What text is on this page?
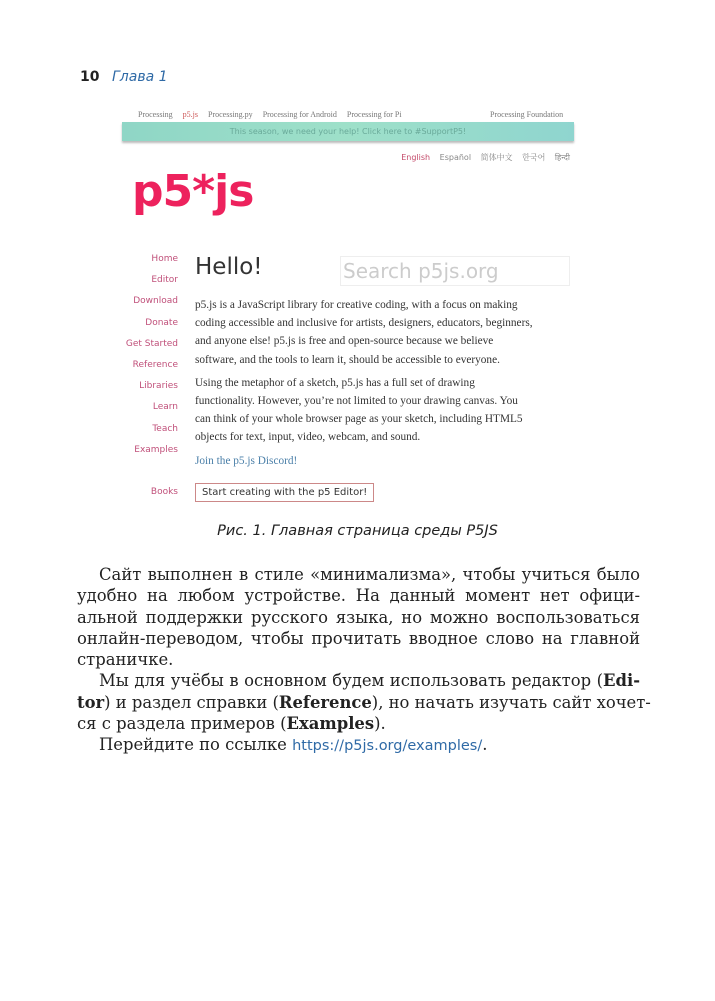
10 Глава 1
Processing p5.js Processing.py Processing for Android Processing for Pi	Processing Foundation
This season, we need your help! Click here to #SupportP5!
English Español 简体中文 한국어 हिन्दी
p5*js
Home
Editor
Download
Donate
Get Started
Reference
Libraries
Learn
Teach
Examples
Books
Hello!	Search p5js.org

p5.js is a JavaScript library for creative coding, with a focus on making
coding accessible and inclusive for artists, designers, educators, beginners,
and anyone else! p5.js is free and open-source because we believe
software, and the tools to learn it, should be accessible to everyone.

Using the metaphor of a sketch, p5.js has a full set of drawing
functionality. However, you’re not limited to your drawing canvas. You
can think of your whole browser page as your sketch, including HTML5
objects for text, input, video, webcam, and sound.

Join the p5.js Discord!

Start creating with the p5 Editor!
Рис. 1. Главная страница среды P5JS
Сайт выполнен в стиле «минимализма», чтобы учиться было
удобно на любом устройстве. На данный момент нет офици-
альной поддержки русского языка, но можно воспользоваться
онлайн-переводом, чтобы прочитать вводное слово на главной
страничке.
Мы для учёбы в основном будем использовать редактор (Edi-
tor) и раздел справки (Reference), но начать изучать сайт хочет-
ся с раздела примеров (Examples).
Перейдите по ссылке https://p5js.org/examples/.
